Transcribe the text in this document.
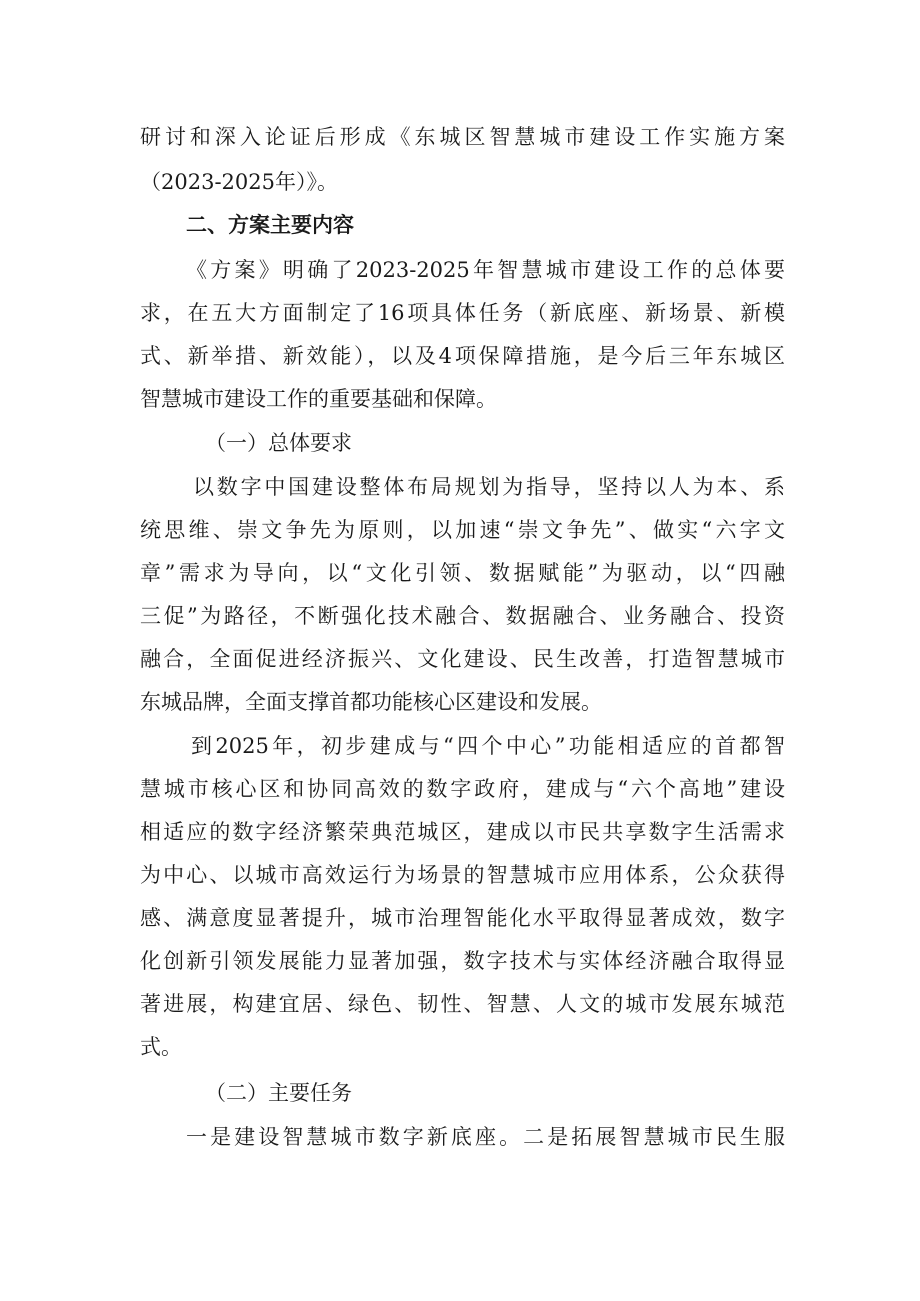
研讨和深入论证后形成《东城区智慧城市建设工作实施方案
（2023-2025年）》。
二、方案主要内容
《方案》明确了2023-2025年智慧城市建设工作的总体要
求，在五大方面制定了16项具体任务（新底座、新场景、新模
式、新举措、新效能），以及4项保障措施，是今后三年东城区
智慧城市建设工作的重要基础和保障。
（一）总体要求
以数字中国建设整体布局规划为指导，坚持以人为本、系
统思维、崇文争先为原则，以加速“崇文争先”、做实“六字文
章”需求为导向，以“文化引领、数据赋能”为驱动，以“四融
三促”为路径，不断强化技术融合、数据融合、业务融合、投资
融合，全面促进经济振兴、文化建设、民生改善，打造智慧城市
东城品牌，全面支撑首都功能核心区建设和发展。
到2025年，初步建成与“四个中心”功能相适应的首都智
慧城市核心区和协同高效的数字政府，建成与“六个高地”建设
相适应的数字经济繁荣典范城区，建成以市民共享数字生活需求
为中心、以城市高效运行为场景的智慧城市应用体系，公众获得
感、满意度显著提升，城市治理智能化水平取得显著成效，数字
化创新引领发展能力显著加强，数字技术与实体经济融合取得显
著进展，构建宜居、绿色、韧性、智慧、人文的城市发展东城范
式。
（二）主要任务
一是建设智慧城市数字新底座。二是拓展智慧城市民生服
